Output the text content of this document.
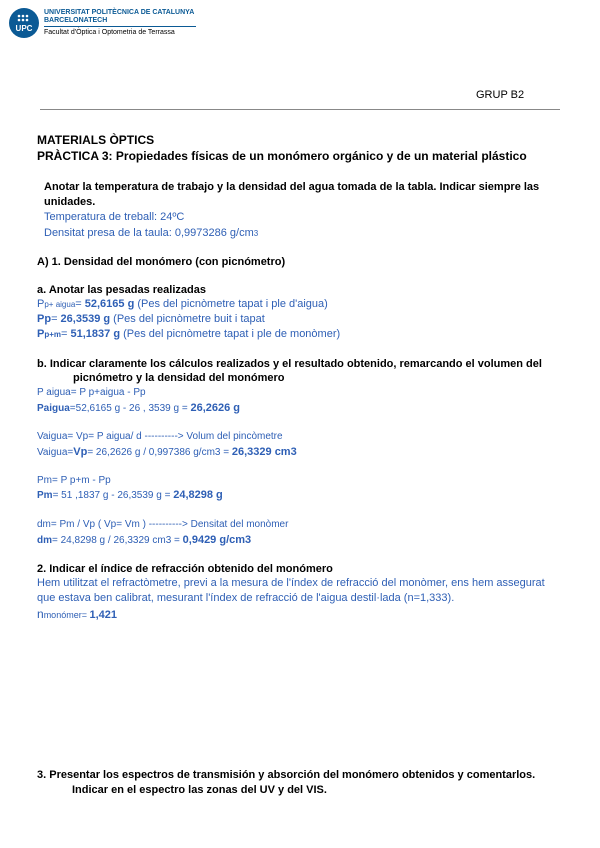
UPC
UNIVERSITAT POLITÈCNICA DE CATALUNYA
BARCELONATECH
Facultat d'Òptica i Optometria de Terrassa
GRUP B2
MATERIALS ÒPTICS
PRÀCTICA 3: Propiedades físicas de un monómero orgánico y de un material plástico
Anotar la temperatura de trabajo y la densidad del agua tomada de la tabla. Indicar siempre las
unidades.
Temperatura de treball: 24ºC
Densitat presa de la taula: 0,9973286 g/cm3
A) 1. Densidad del monómero (con picnómetro)
a. Anotar las pesadas realizadas
Pp+ aigua= 52,6165 g (Pes del picnòmetre tapat i ple d'aigua)
Pp= 26,3539 g (Pes del picnòmetre buit i tapat
Pp+m= 51,1837 g (Pes del picnòmetre tapat i ple de monòmer)
b. Indicar claramente los cálculos realizados y el resultado obtenido, remarcando el volumen del
picnómetro y la densidad del monómero
P aigua= P p+aigua - Pp
Paigua=52,6165 g - 26 , 3539 g = 26,2626 g
Vaigua= Vp= P aigua/ d ----------> Volum del pincòmetre
Vaigua=Vp= 26,2626 g / 0,997386 g/cm3 = 26,3329 cm3
Pm= P p+m - Pp
Pm= 51 ,1837 g - 26,3539 g = 24,8298 g
dm= Pm / Vp ( Vp= Vm ) ----------> Densitat del monòmer
dm= 24,8298 g / 26,3329 cm3 = 0,9429 g/cm3
2. Indicar el índice de refracción obtenido del monómero
Hem utilitzat el refractòmetre, previ a la mesura de l'índex de refracció del monòmer, ens hem assegurat
que estava ben calibrat, mesurant l'índex de refracció de l'aigua destil·lada (n=1,333).
nmonómer= 1,421
3. Presentar los espectros de transmisión y absorción del monómero obtenidos y comentarlos.
Indicar en el espectro las zonas del UV y del VIS.
